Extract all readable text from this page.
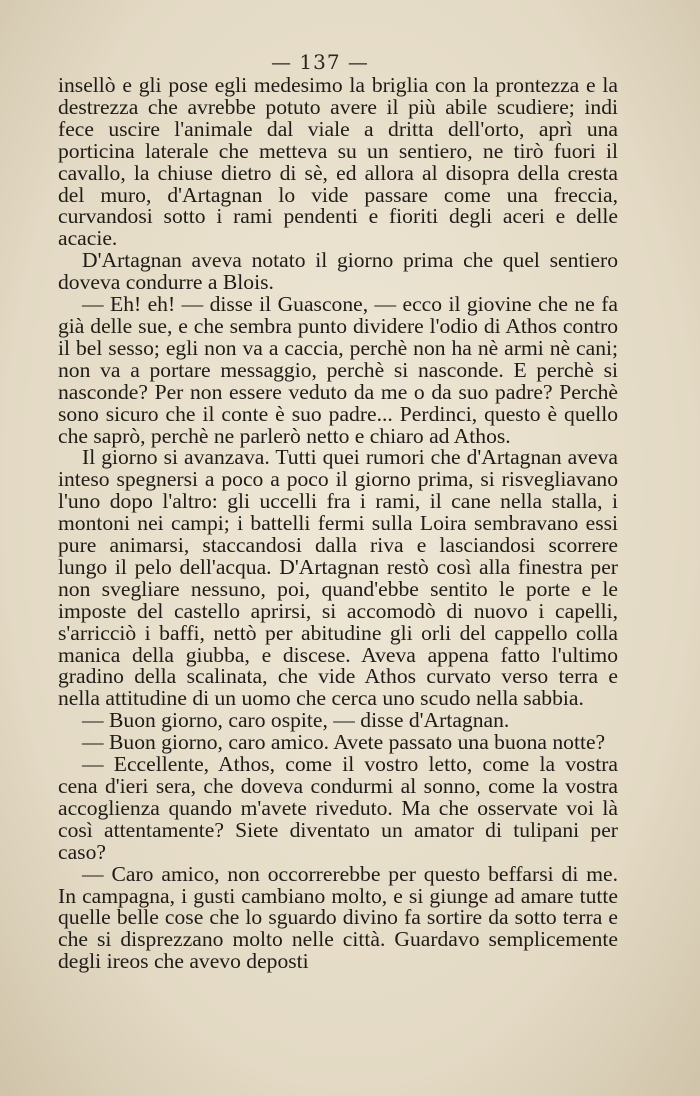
— 137 —

insellò e gli pose egli medesimo la briglia con la prontezza e la destrezza che avrebbe potuto avere il più abile scudiere; indi fece uscire l'animale dal viale a dritta dell'orto, aprì una porticina laterale che metteva su un sentiero, ne tirò fuori il cavallo, la chiuse dietro di sè, ed allora al disopra della cresta del muro, d'Artagnan lo vide passare come una freccia, curvandosi sotto i rami pendenti e fioriti degli aceri e delle acacie.

D'Artagnan aveva notato il giorno prima che quel sentiero doveva condurre a Blois.

— Eh! eh! — disse il Guascone, — ecco il giovine che ne fa già delle sue, e che sembra punto dividere l'odio di Athos contro il bel sesso; egli non va a caccia, perchè non ha nè armi nè cani; non va a portare messaggio, perchè si nasconde. E perchè si nasconde? Per non essere veduto da me o da suo padre? Perchè sono sicuro che il conte è suo padre... Perdinci, questo è quello che saprò, perchè ne parlerò netto e chiaro ad Athos.

Il giorno si avanzava. Tutti quei rumori che d'Artagnan aveva inteso spegnersi a poco a poco il giorno prima, si risvegliavano l'uno dopo l'altro: gli uccelli fra i rami, il cane nella stalla, i montoni nei campi; i battelli fermi sulla Loira sembravano essi pure animarsi, staccandosi dalla riva e lasciandosi scorrere lungo il pelo dell'acqua. D'Artagnan restò così alla finestra per non svegliare nessuno, poi, quand'ebbe sentito le porte e le imposte del castello aprirsi, si accomodò di nuovo i capelli, s'arricciò i baffi, nettò per abitudine gli orli del cappello colla manica della giubba, e discese. Aveva appena fatto l'ultimo gradino della scalinata, che vide Athos curvato verso terra e nella attitudine di un uomo che cerca uno scudo nella sabbia.

— Buon giorno, caro ospite, — disse d'Artagnan.

— Buon giorno, caro amico. Avete passato una buona notte?

— Eccellente, Athos, come il vostro letto, come la vostra cena d'ieri sera, che doveva condurmi al sonno, come la vostra accoglienza quando m'avete riveduto. Ma che osservate voi là così attentamente? Siete diventato un amator di tulipani per caso?

— Caro amico, non occorrerebbe per questo beffarsi di me. In campagna, i gusti cambiano molto, e si giunge ad amare tutte quelle belle cose che lo sguardo divino fa sortire da sotto terra e che si disprezzano molto nelle città. Guardavo semplicemente degli ireos che avevo deposti
